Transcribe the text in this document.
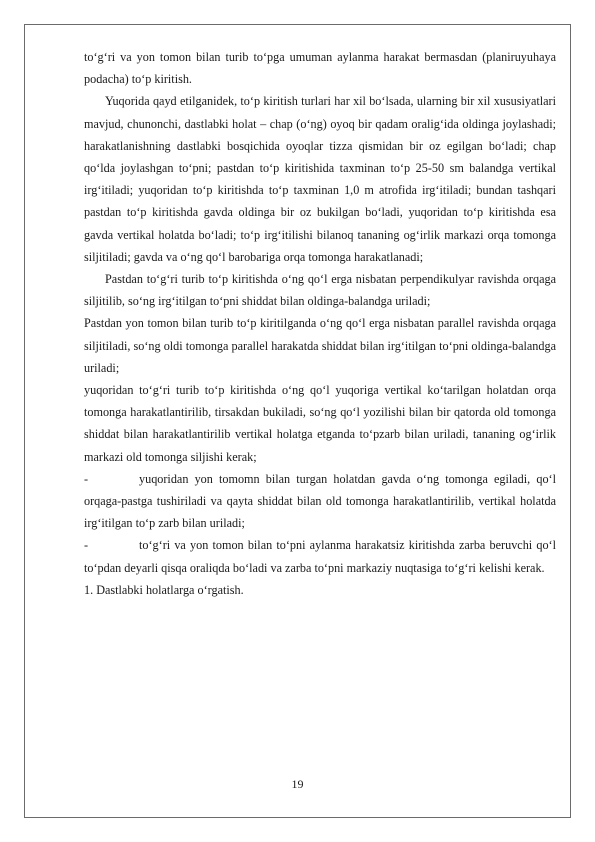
to‘g‘ri va yon tomon bilan turib to‘pga umuman aylanma harakat bermasdan (planiruyuhaya podacha) to‘p kiritish.

Yuqorida qayd etilganidek, to‘p kiritish turlari har xil bo‘lsada, ularning bir xil xususiyatlari mavjud, chunonchi, dastlabki holat – chap (o‘ng) oyoq bir qadam oralig‘ida oldinga joylashadi; harakatlanishning dastlabki bosqichida oyoqlar tizza qismidan bir oz egilgan bo‘ladi; chap qo‘lda joylashgan to‘pni; pastdan to‘p kiritishida taxminan to‘p 25-50 sm balandga vertikal irg‘itiladi; yuqoridan to‘p kiritishda to‘p taxminan 1,0 m atrofida irg‘itiladi; bundan tashqari pastdan to‘p kiritishda gavda oldinga bir oz bukilgan bo‘ladi, yuqoridan to‘p kiritishda esa gavda vertikal holatda bo‘ladi; to‘p irg‘itilishi bilanoq tananing og‘irlik markazi orqa tomonga siljitiladi; gavda va o‘ng qo‘l barobariga orqa tomonga harakatlanadi;

Pastdan to‘g‘ri turib to‘p kiritishda o‘ng qo‘l erga nisbatan perpendikulyar ravishda orqaga siljitilib, so‘ng irg‘itilgan to‘pni shiddat bilan oldinga-balandga uriladi;

Pastdan yon tomon bilan turib to‘p kiritilganda o‘ng qo‘l erga nisbatan parallel ravishda orqaga siljitiladi, so‘ng oldi tomonga parallel harakatda shiddat bilan irg‘itilgan to‘pni oldinga-balandga uriladi;

yuqoridan to‘g‘ri turib to‘p kiritishda o‘ng qo‘l yuqoriga vertikal ko‘tarilgan holatdan orqa tomonga harakatlantirilib, tirsakdan bukiladi, so‘ng qo‘l yozilishi bilan bir qatorda old tomonga shiddat bilan harakatlantirilib vertikal holatga etganda to‘pzarb bilan uriladi, tananing og‘irlik markazi old tomonga siljishi kerak;

-	yuqoridan yon tomomn bilan turgan holatdan gavda o‘ng tomonga egiladi, qo‘l orqaga-pastga tushiriladi va qayta shiddat bilan old tomonga harakatlantirilib, vertikal holatda irg‘itilgan to‘p zarb bilan uriladi;

-	to‘g‘ri va yon tomon bilan to‘pni aylanma harakatsiz kiritishda zarba beruvchi qo‘l to‘pdan deyarli qisqa oraliqda bo‘ladi va zarba to‘pni markaziy nuqtasiga to‘g‘ri kelishi kerak.

1. Dastlabki holatlarga o‘rgatish.

19
